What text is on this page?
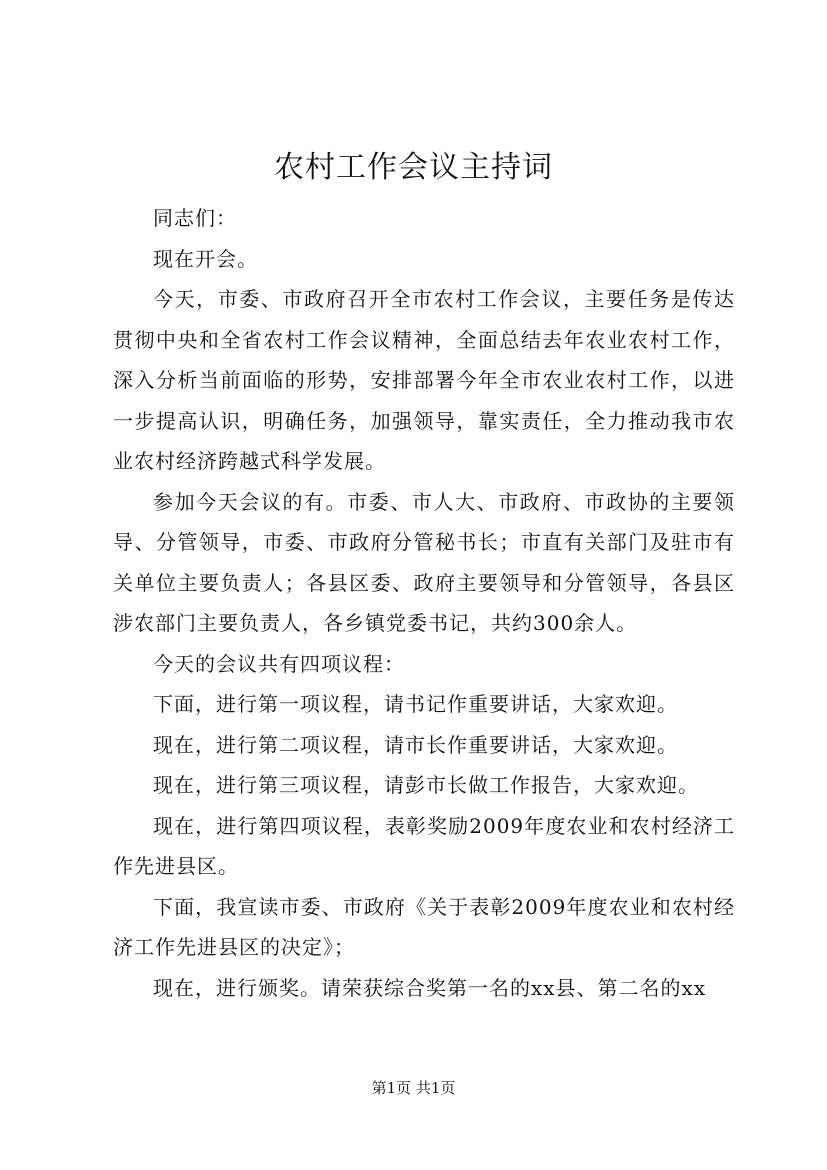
农村工作会议主持词

同志们：

现在开会。

今天，市委、市政府召开全市农村工作会议，主要任务是传达贯彻中央和全省农村工作会议精神，全面总结去年农业农村工作，深入分析当前面临的形势，安排部署今年全市农业农村工作，以进一步提高认识，明确任务，加强领导，靠实责任，全力推动我市农业农村经济跨越式科学发展。

参加今天会议的有。市委、市人大、市政府、市政协的主要领导、分管领导，市委、市政府分管秘书长；市直有关部门及驻市有关单位主要负责人；各县区委、政府主要领导和分管领导，各县区涉农部门主要负责人，各乡镇党委书记，共约300余人。

今天的会议共有四项议程：

下面，进行第一项议程，请书记作重要讲话，大家欢迎。

现在，进行第二项议程，请市长作重要讲话，大家欢迎。

现在，进行第三项议程，请彭市长做工作报告，大家欢迎。

现在，进行第四项议程，表彰奖励2009年度农业和农村经济工作先进县区。

下面，我宣读市委、市政府《关于表彰2009年度农业和农村经济工作先进县区的决定》；

现在，进行颁奖。请荣获综合奖第一名的xx县、第二名的xx

第1页 共1页
